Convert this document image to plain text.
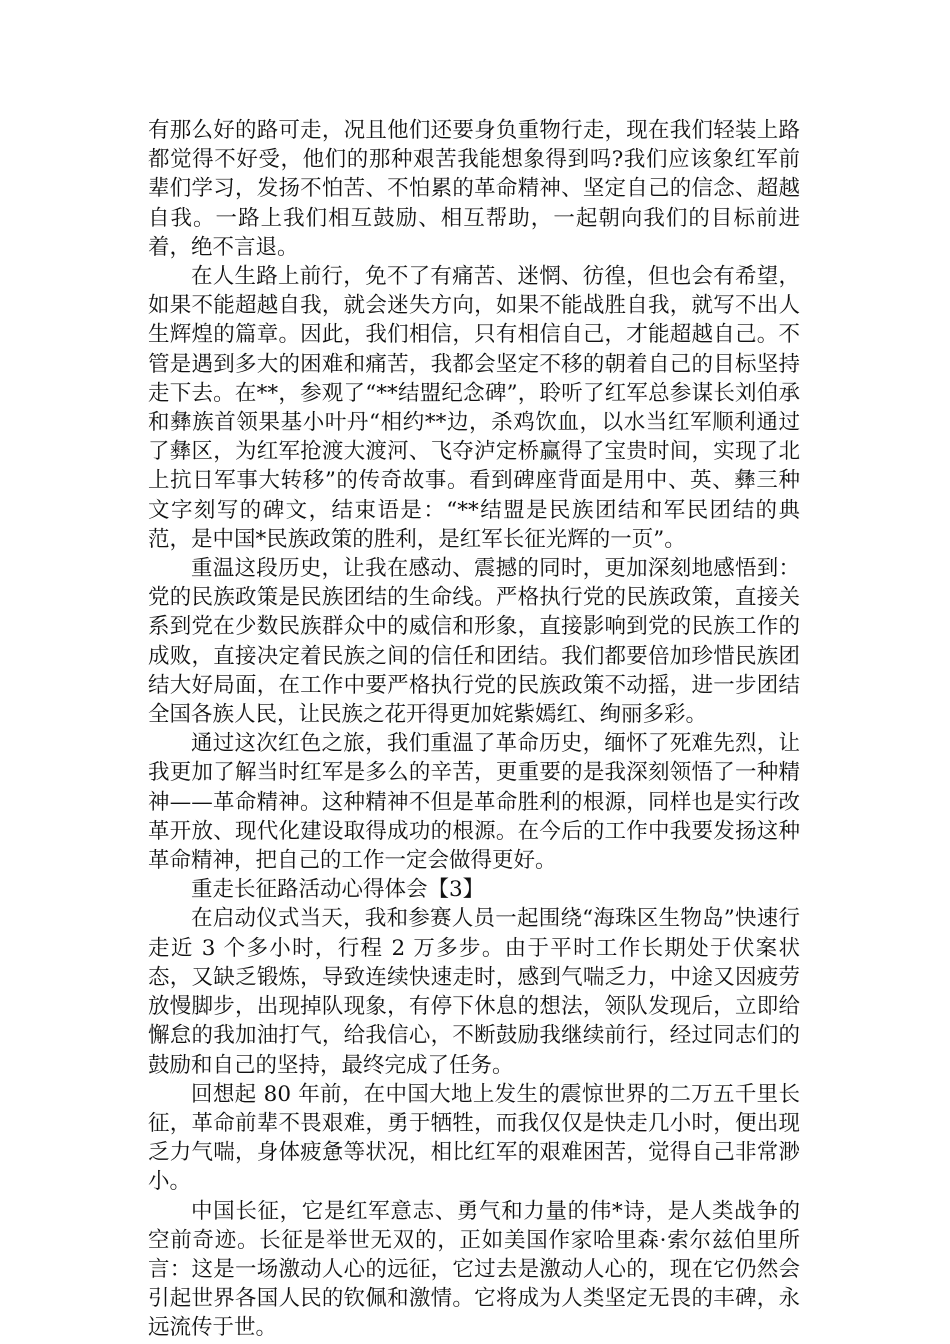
有那么好的路可走，况且他们还要身负重物行走，现在我们轻装上路都觉得不好受，他们的那种艰苦我能想象得到吗?我们应该象红军前辈们学习，发扬不怕苦、不怕累的革命精神、坚定自己的信念、超越自我。一路上我们相互鼓励、相互帮助，一起朝向我们的目标前进着，绝不言退。

在人生路上前行，免不了有痛苦、迷惘、彷徨，但也会有希望，如果不能超越自我，就会迷失方向，如果不能战胜自我，就写不出人生辉煌的篇章。因此，我们相信，只有相信自己，才能超越自己。不管是遇到多大的困难和痛苦，我都会坚定不移的朝着自己的目标坚持走下去。在**，参观了“**结盟纪念碑”，聆听了红军总参谋长刘伯承和彝族首领果基小叶丹“相约**边，杀鸡饮血，以水当红军顺利通过了彝区，为红军抢渡大渡河、飞夺泸定桥赢得了宝贵时间，实现了北上抗日军事大转移”的传奇故事。看到碑座背面是用中、英、彝三种文字刻写的碑文，结束语是：“**结盟是民族团结和军民团结的典范，是中国*民族政策的胜利，是红军长征光辉的一页”。

重温这段历史，让我在感动、震撼的同时，更加深刻地感悟到：党的民族政策是民族团结的生命线。严格执行党的民族政策，直接关系到党在少数民族群众中的威信和形象，直接影响到党的民族工作的成败，直接决定着民族之间的信任和团结。我们都要倍加珍惜民族团结大好局面，在工作中要严格执行党的民族政策不动摇，进一步团结全国各族人民，让民族之花开得更加姹紫嫣红、绚丽多彩。

通过这次红色之旅，我们重温了革命历史，缅怀了死难先烈，让我更加了解当时红军是多么的辛苦，更重要的是我深刻领悟了一种精神——革命精神。这种精神不但是革命胜利的根源，同样也是实行改革开放、现代化建设取得成功的根源。在今后的工作中我要发扬这种革命精神，把自己的工作一定会做得更好。

重走长征路活动心得体会【3】

在启动仪式当天，我和参赛人员一起围绕“海珠区生物岛”快速行走近 3 个多小时，行程 2 万多步。由于平时工作长期处于伏案状态，又缺乏锻炼，导致连续快速走时，感到气喘乏力，中途又因疲劳放慢脚步，出现掉队现象，有停下休息的想法，领队发现后，立即给懈怠的我加油打气，给我信心，不断鼓励我继续前行，经过同志们的鼓励和自己的坚持，最终完成了任务。

回想起 80 年前，在中国大地上发生的震惊世界的二万五千里长征，革命前辈不畏艰难，勇于牺牲，而我仅仅是快走几小时，便出现乏力气喘，身体疲惫等状况，相比红军的艰难困苦，觉得自己非常渺小。

中国长征，它是红军意志、勇气和力量的伟*诗，是人类战争的空前奇迹。长征是举世无双的，正如美国作家哈里森·索尔兹伯里所言：这是一场激动人心的远征，它过去是激动人心的，现在它仍然会引起世界各国人民的钦佩和激情。它将成为人类坚定无畏的丰碑，永远流传于世。
